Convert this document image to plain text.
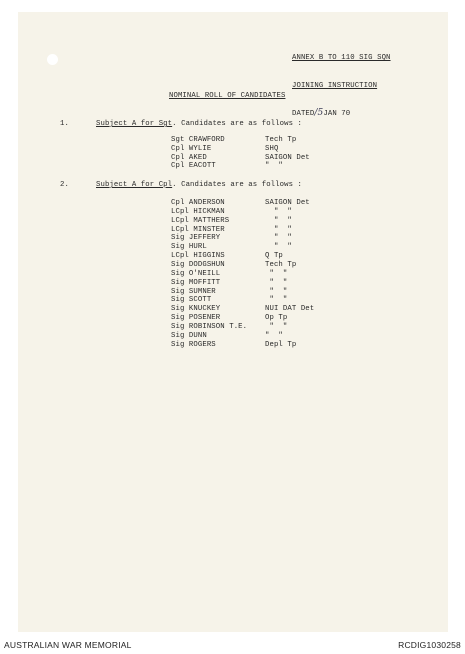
ANNEX B TO 110 SIG SQN

JOINING INSTRUCTION

DATED/5JAN 70

NOMINAL ROLL OF CANDIDATES
1.	Subject A for Sgt. Candidates are as follows :
Sgt CRAWFORD	Tech Tp
Cpl WYLIE	SHQ
Cpl AKED	SAIGON Det
Cpl EACOTT	"  "
2.	Subject A for Cpl. Candidates are as follows :
Cpl ANDERSON	SAIGON Det
LCpl HICKMAN	"  "
LCpl MATTHERS	"  "
LCpl MINSTER	"  "
Sig JEFFERY	"  "
Sig HURL	"  "
LCpl HIGGINS	Q Tp
Sig DODGSHUN	Tech Tp
Sig O'NEILL	"  "
Sig MOFFITT	"  "
Sig SUMNER	"  "
Sig SCOTT	"  "
Sig KNUCKEY	NUI DAT Det
Sig POSENER	Op Tp
Sig ROBINSON T.E. "  "
Sig DUNN	"  "
Sig ROGERS	Depl Tp
AUSTRALIAN WAR MEMORIAL	RCDIG1030258
